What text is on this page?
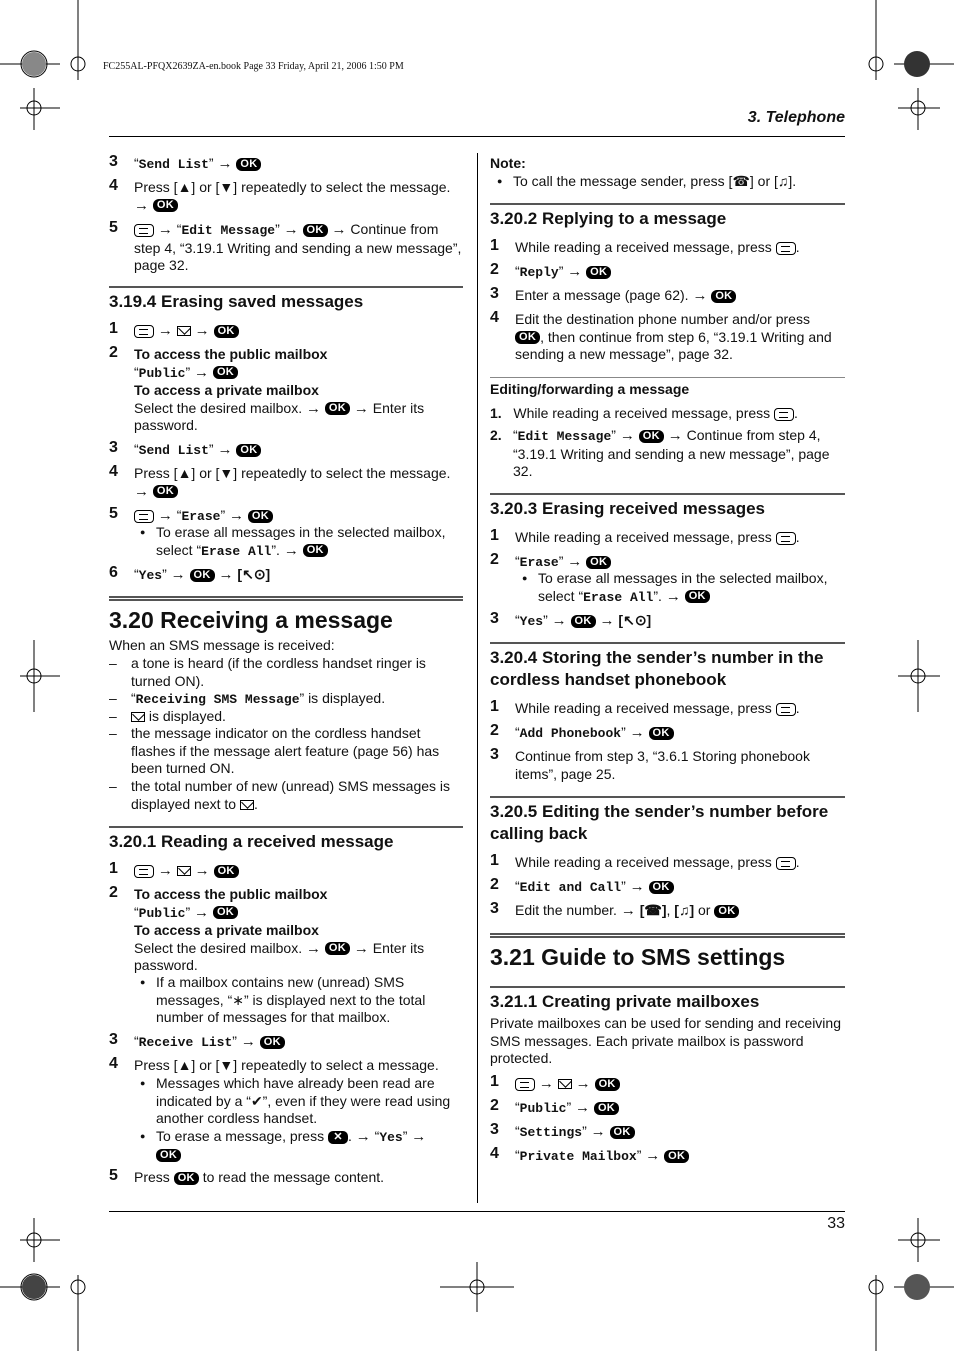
FC255AL-PFQX2639ZA-en.book Page 33 Friday, April 21, 2006 1:50 PM
3. Telephone
33
3 “Send List” → OK
4 Press [▲] or [▼] repeatedly to select the message.
→ OK
5	→ “Edit Message” → OK → Continue from step 4, “3.19.1 Writing and sending a new message”, page 32.
3.19.4 Erasing saved messages
1	→ → OK
2 To access the public mailbox
“Public” → OK
To access a private mailbox
Select the desired mailbox. → OK → Enter its password.
3 “Send List” → OK
4 Press [▲] or [▼] repeatedly to select the message.
→ OK
5	→ “Erase” → OK
● To erase all messages in the selected mailbox, select “Erase All”. → OK
6 “Yes” → OK → [↖⊙]
3.20 Receiving a message
When an SMS message is received:
– a tone is heard (if the cordless handset ringer is turned ON).
– “Receiving SMS Message” is displayed.
– is displayed.
– the message indicator on the cordless handset flashes if the message alert feature (page 56) has been turned ON.
– the total number of new (unread) SMS messages is displayed next to .
3.20.1 Reading a received message
1	→ → OK
2 To access the public mailbox
“Public” → OK
To access a private mailbox
Select the desired mailbox. → OK → Enter its password.
● If a mailbox contains new (unread) SMS messages, “∗” is displayed next to the total number of messages for that mailbox.
3 “Receive List” → OK
4 Press [▲] or [▼] repeatedly to select a message.
● Messages which have already been read are indicated by a “✔”, even if they were read using another cordless handset.
● To erase a message, press ✕ . → “Yes” →
OK
5 Press OK to read the message content.
Note:
● To call the message sender, press [☎] or [♫].
3.20.2 Replying to a message
1 While reading a received message, press .
2 “Reply” → OK
3 Enter a message (page 62). → OK
4 Edit the destination phone number and/or press
OK , then continue from step 6, “3.19.1 Writing and sending a new message”, page 32.
Editing/forwarding a message
1. While reading a received message, press .
2. “Edit Message” → OK → Continue from step 4, “3.19.1 Writing and sending a new message”, page 32.
3.20.3 Erasing received messages
1 While reading a received message, press .
2 “Erase” → OK
● To erase all messages in the selected mailbox, select “Erase All”. → OK
3 “Yes” → OK → [↖⊙]
3.20.4 Storing the sender’s number in the cordless handset phonebook
1 While reading a received message, press .
2 “Add Phonebook” → OK
3 Continue from step 3, “3.6.1 Storing phonebook items”, page 25.
3.20.5 Editing the sender’s number before calling back
1 While reading a received message, press .
2 “Edit and Call” → OK
3 Edit the number. → [☎], [♫] or OK
3.21 Guide to SMS settings
3.21.1 Creating private mailboxes
Private mailboxes can be used for sending and receiving SMS messages. Each private mailbox is password protected.
1	→ → OK
2 “Public” → OK
3 “Settings” → OK
4 “Private Mailbox” → OK
